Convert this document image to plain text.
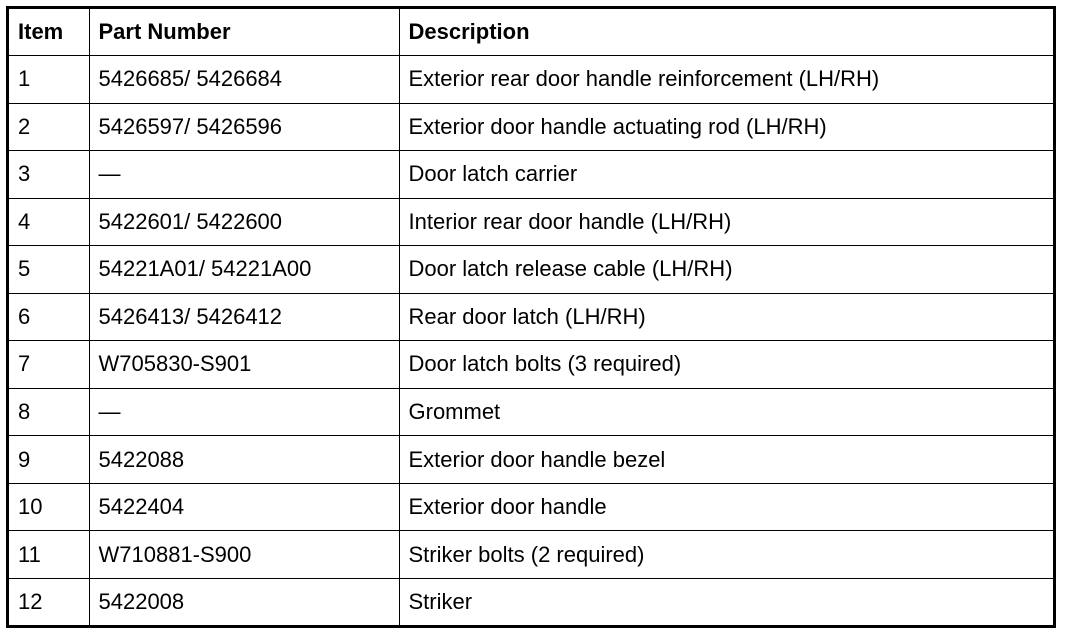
Item	Part Number	Description
1	5426685/ 5426684	Exterior rear door handle reinforcement (LH/RH)
2	5426597/ 5426596	Exterior door handle actuating rod (LH/RH)
3	—	Door latch carrier
4	5422601/ 5422600	Interior rear door handle (LH/RH)
5	54221A01/ 54221A00	Door latch release cable (LH/RH)
6	5426413/ 5426412	Rear door latch (LH/RH)
7	W705830-S901	Door latch bolts (3 required)
8	—	Grommet
9	5422088	Exterior door handle bezel
10	5422404	Exterior door handle
11	W710881-S900	Striker bolts (2 required)
12	5422008	Striker
